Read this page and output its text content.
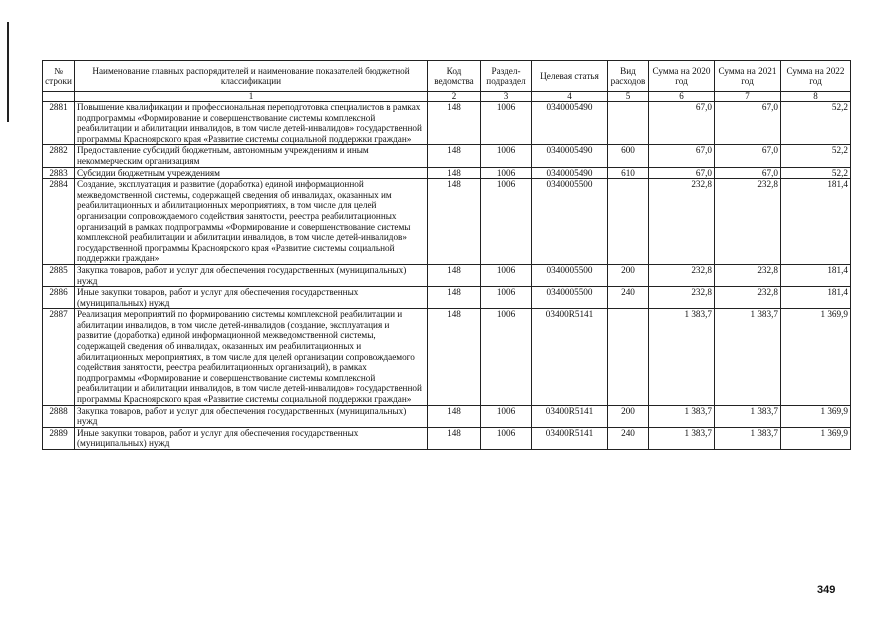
№ строки	Наименование главных распорядителей и наименование показателей бюджетной классификации	Код ведомства	Раздел-подраздел	Целевая статья	Вид расходов	Сумма на 2020 год	Сумма на 2021 год	Сумма на 2022 год
	1	2	3	4	5	6	7	8
2881	Повышение квалификации и профессиональная переподготовка специалистов в рамках подпрограммы «Формирование и совершенствование системы комплексной реабилитации и абилитации инвалидов, в том числе детей-инвалидов» государственной программы Красноярского края «Развитие системы социальной поддержки граждан»	148	1006	0340005490		67,0	67,0	52,2
2882	Предоставление субсидий бюджетным, автономным учреждениям и иным некоммерческим организациям	148	1006	0340005490	600	67,0	67,0	52,2
2883	Субсидии бюджетным учреждениям	148	1006	0340005490	610	67,0	67,0	52,2
2884	Создание, эксплуатация и развитие (доработка) единой информационной межведомственной системы, содержащей сведения об инвалидах, оказанных им реабилитационных и абилитационных мероприятиях, в том числе для целей организации сопровождаемого содействия занятости, реестра реабилитационных организаций в рамках подпрограммы «Формирование и совершенствование системы комплексной реабилитации и абилитации инвалидов, в том числе детей-инвалидов» государственной программы Красноярского края «Развитие системы социальной поддержки граждан»	148	1006	0340005500		232,8	232,8	181,4
2885	Закупка товаров, работ и услуг для обеспечения государственных (муниципальных) нужд	148	1006	0340005500	200	232,8	232,8	181,4
2886	Иные закупки товаров, работ и услуг для обеспечения государственных (муниципальных) нужд	148	1006	0340005500	240	232,8	232,8	181,4
2887	Реализация мероприятий по формированию системы комплексной реабилитации и абилитации инвалидов, в том числе детей-инвалидов (создание, эксплуатация и развитие (доработка) единой информационной межведомственной системы, содержащей сведения об инвалидах, оказанных им реабилитационных и абилитационных мероприятиях, в том числе для целей организации сопровождаемого содействия занятости, реестра реабилитационных организаций), в рамках подпрограммы «Формирование и совершенствование системы комплексной реабилитации и абилитации инвалидов, в том числе детей-инвалидов» государственной программы Красноярского края «Развитие системы социальной поддержки граждан»	148	1006	03400R5141		1 383,7	1 383,7	1 369,9
2888	Закупка товаров, работ и услуг для обеспечения государственных (муниципальных) нужд	148	1006	03400R5141	200	1 383,7	1 383,7	1 369,9
2889	Иные закупки товаров, работ и услуг для обеспечения государственных (муниципальных) нужд	148	1006	03400R5141	240	1 383,7	1 383,7	1 369,9
349
